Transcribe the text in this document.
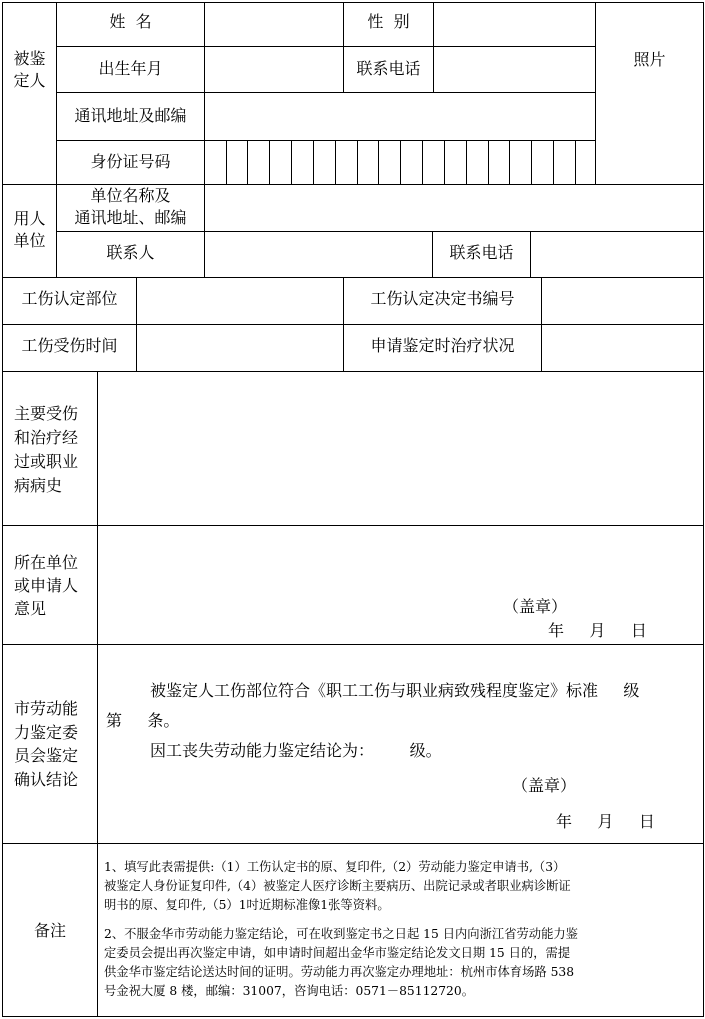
被鉴
定人
姓  名	性  别
出生年月	联系电话
通讯地址及邮编
身份证号码
照片
用人
单位
单位名称及
通讯地址、邮编
联系人	联系电话
工伤认定部位	工伤认定决定书编号
工伤受伤时间	申请鉴定时治疗状况
主要受伤
和治疗经
过或职业
病病史
所在单位
或申请人
意见	（盖章）
年     月     日
市劳动能
力鉴定委
员会鉴定
确认结论
被鉴定人工伤部位符合《职工工伤与职业病致残程度鉴定》标准     级
第     条。
因工丧失劳动能力鉴定结论为：       级。
（盖章）
年     月     日
备注
1、填写此表需提供:（1）工伤认定书的原、复印件,（2）劳动能力鉴定申请书,（3）
被鉴定人身份证复印件,（4）被鉴定人医疗诊断主要病历、出院记录或者职业病诊断证
明书的原、复印件,（5）1吋近期标准像1张等资料。
2、不服金华市劳动能力鉴定结论，可在收到鉴定书之日起 15 日内向浙江省劳动能力鉴
定委员会提出再次鉴定申请，如申请时间超出金华市鉴定结论发文日期 15 日的，需提
供金华市鉴定结论送达时间的证明。劳动能力再次鉴定办理地址：杭州市体育场路 538
号金祝大厦 8 楼，邮编：31007，咨询电话：0571－85112720。
